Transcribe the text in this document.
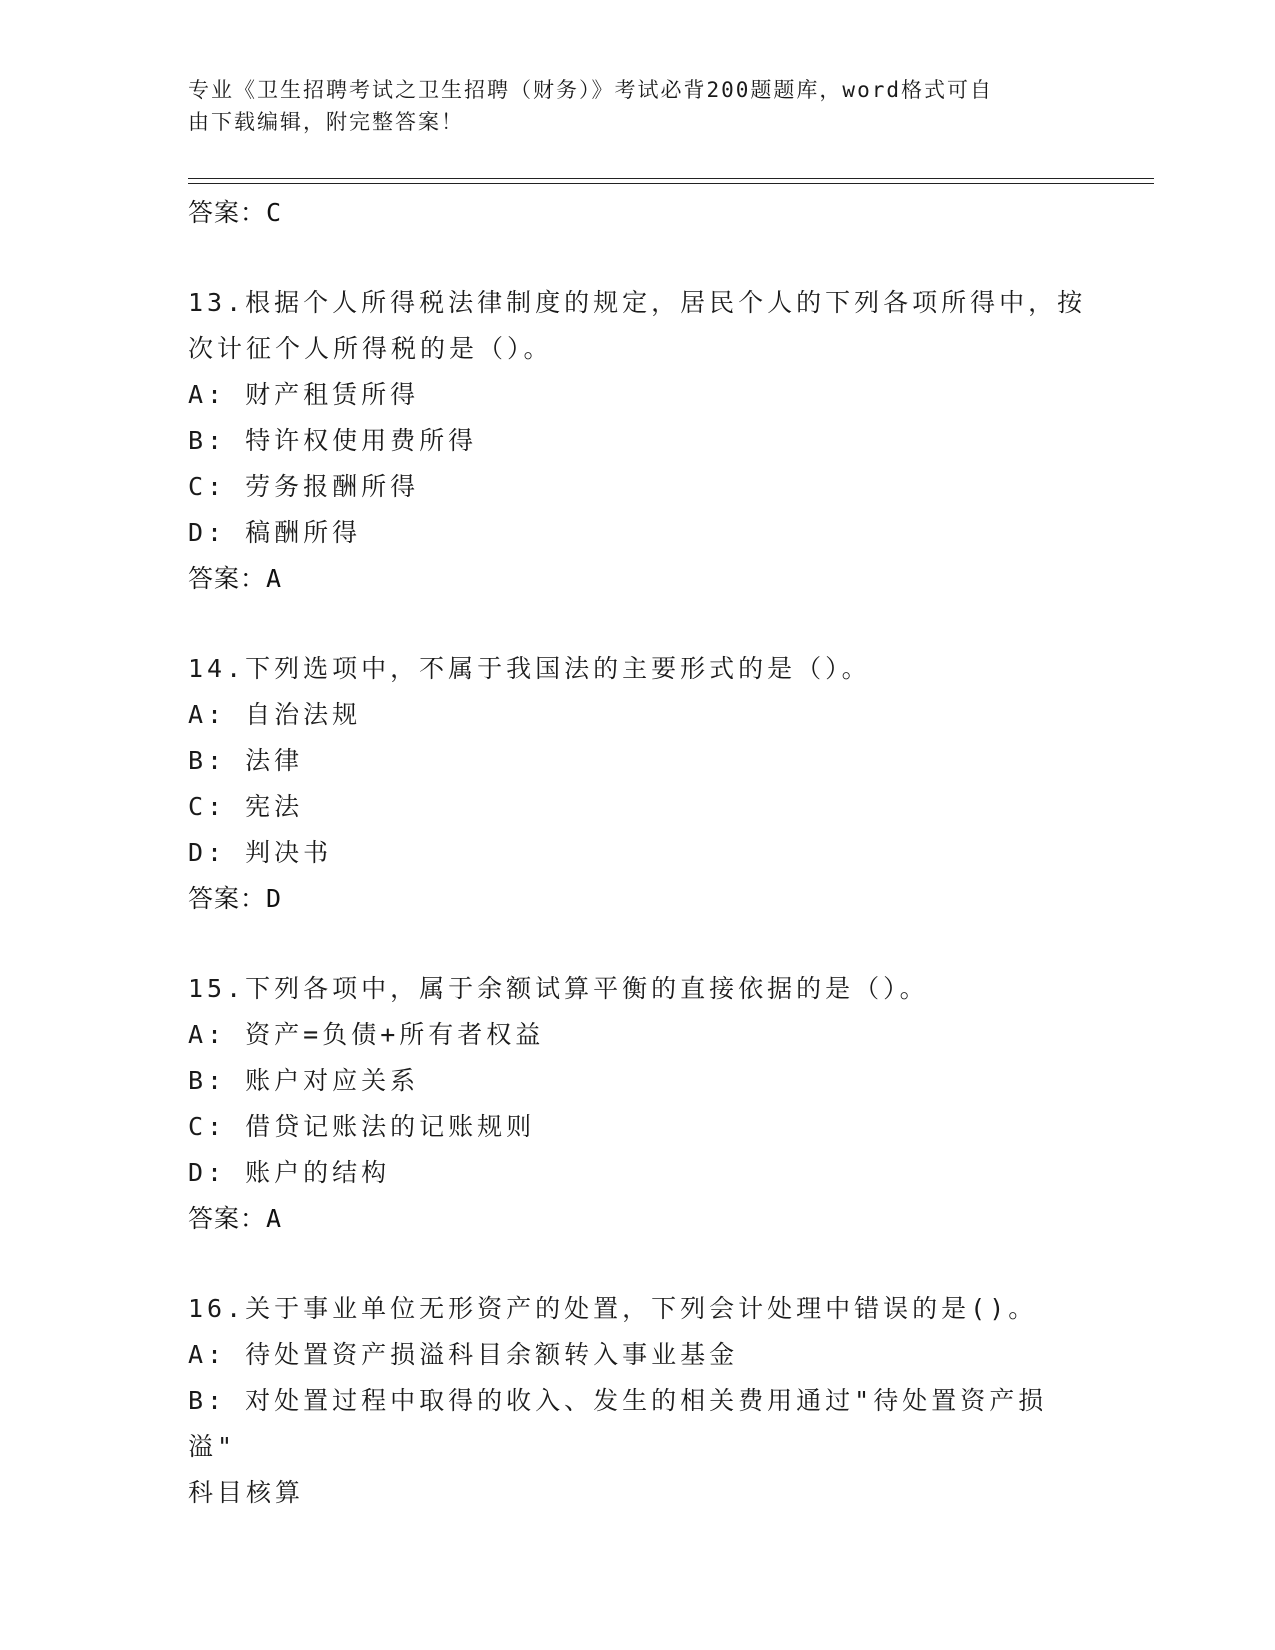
专业《卫生招聘考试之卫生招聘（财务）》考试必背200题题库，word格式可自
由下载编辑，附完整答案！
答案：C
13.根据个人所得税法律制度的规定，居民个人的下列各项所得中，按
次计征个人所得税的是（）。
A: 财产租赁所得
B: 特许权使用费所得
C: 劳务报酬所得
D: 稿酬所得
答案：A
14.下列选项中，不属于我国法的主要形式的是（）。
A: 自治法规
B: 法律
C: 宪法
D: 判决书
答案：D
15.下列各项中，属于余额试算平衡的直接依据的是（）。
A: 资产=负债+所有者权益
B: 账户对应关系
C: 借贷记账法的记账规则
D: 账户的结构
答案：A
16.关于事业单位无形资产的处置，下列会计处理中错误的是()。
A: 待处置资产损溢科目余额转入事业基金
B: 对处置过程中取得的收入、发生的相关费用通过"待处置资产损溢"
科目核算
